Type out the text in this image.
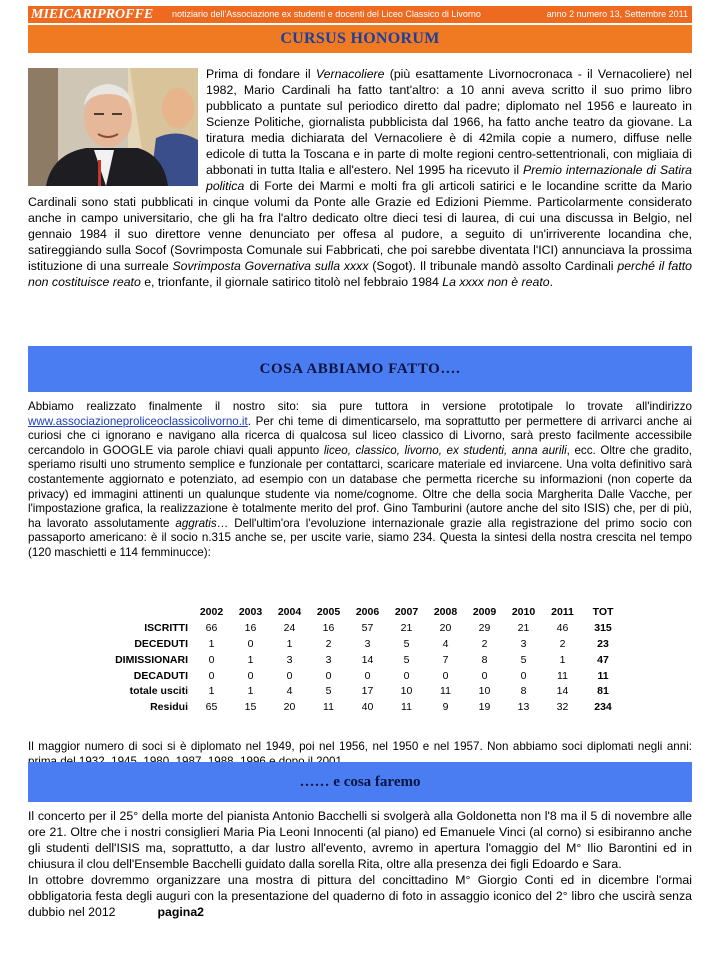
MIEICARIPROFFE notiziario dell'Associazione ex studenti e docenti del Liceo Classico di Livorno	anno 2 numero 13, Settembre 2011
CURSUS HONORUM

Prima di fondare il Vernacoliere (più esattamente Livornocronaca - il Vernacoliere) nel 1982, Mario Cardinali ha fatto tant'altro: a 10 anni aveva scritto il suo primo libro pubblicato a puntate sul periodico diretto dal padre; diplomato nel 1956 e laureato in Scienze Politiche, giornalista pubblicista dal 1966, ha fatto anche teatro da giovane. La tiratura media dichiarata del Vernacoliere è di 42mila copie a numero, diffuse nelle edicole di tutta la Toscana e in parte di molte regioni centro-settentrionali, con migliaia di abbonati in tutta Italia e all'estero. Nel 1995 ha ricevuto il Premio internazionale di Satira politica di Forte dei Marmi e molti fra gli articoli satirici e le locandine scritte da Mario Cardinali sono stati pubblicati in cinque volumi da Ponte alle Grazie ed Edizioni Piemme. Particolarmente considerato anche in campo universitario, che gli ha fra l'altro dedicato oltre dieci tesi di laurea, di cui una discussa in Belgio, nel gennaio 1984 il suo direttore venne denunciato per offesa al pudore, a seguito di un'irriverente locandina che, satireggiando sulla Socof (Sovrimposta Comunale sui Fabbricati, che poi sarebbe diventata l'ICI) annunciava la prossima istituzione di una surreale Sovrimposta Governativa sulla xxxx (Sogot). Il tribunale mandò assolto Cardinali perché il fatto non costituisce reato e, trionfante, il giornale satirico titolò nel febbraio 1984 La xxxx non è reato.

COSA ABBIAMO FATTO….

Abbiamo realizzato finalmente il nostro sito: sia pure tuttora in versione prototipale lo trovate all'indirizzo www.associazioneproliceoclassicolivorno.it. Per chi teme di dimenticarselo, ma soprattutto per permettere di arrivarci anche ai curiosi che ci ignorano e navigano alla ricerca di qualcosa sul liceo classico di Livorno, sarà presto facilmente accessibile cercandolo in GOOGLE via parole chiavi quali appunto liceo, classico, livorno, ex studenti, anna aurili, ecc. Oltre che gradito, speriamo risulti uno strumento semplice e funzionale per contattarci, scaricare materiale ed inviarcene. Una volta definitivo sarà costantemente aggiornato e potenziato, ad esempio con un database che permetta ricerche su informazioni (non coperte da privacy) ed immagini attinenti un qualunque studente via nome/cognome. Oltre che della socia Margherita Dalle Vacche, per l'impostazione grafica, la realizzazione è totalmente merito del prof. Gino Tamburini (autore anche del sito ISIS) che, per di più, ha lavorato assolutamente aggratis… Dell'ultim'ora l'evoluzione internazionale grazie alla registrazione del primo socio con passaporto americano: è il socio n.315 anche se, per uscite varie, siamo 234. Questa la sintesi della nostra crescita nel tempo (120 maschietti e 114 femminucce):

	2002	2003	2004	2005	2006	2007	2008	2009	2010	2011	TOT
ISCRITTI	66	16	24	16	57	21	20	29	21	46	315
DECEDUTI	1	0	1	2	3	5	4	2	3	2	23
DIMISSIONARI	0	1	3	3	14	5	7	8	5	1	47
DECADUTI	0	0	0	0	0	0	0	0	0	11	11
totale usciti	1	1	4	5	17	10	11	10	8	14	81
Residui	65	15	20	11	40	11	9	19	13	32	234

Il maggior numero di soci si è diplomato nel 1949, poi nel 1956, nel 1950 e nel 1957. Non abbiamo soci diplomati negli anni:

…… e cosa faremo

Il concerto per il 25° della morte del pianista Antonio Bacchelli si svolgerà alla Goldonetta non l'8 ma il 5 di novembre alle ore 21. Oltre che i nostri consiglieri Maria Pia Leoni Innocenti (al piano) ed Emanuele Vinci (al corno) si esibiranno anche gli studenti dell'ISIS ma, soprattutto, a dar lustro all'evento, avremo in apertura l'omaggio del M° Ilio Barontini ed in chiusura il clou dell'Ensemble Bacchelli guidato dalla sorella Rita, oltre alla presenza dei figli Edoardo e Sara.
In ottobre dovremmo organizzare una mostra di pittura del concittadino M° Giorgio Conti ed in dicembre l'ormai obbligatoria festa degli auguri con la presentazione del quaderno di foto in assaggio iconico del 2° libro che uscirà senza dubbio nel 2012	pagina2
